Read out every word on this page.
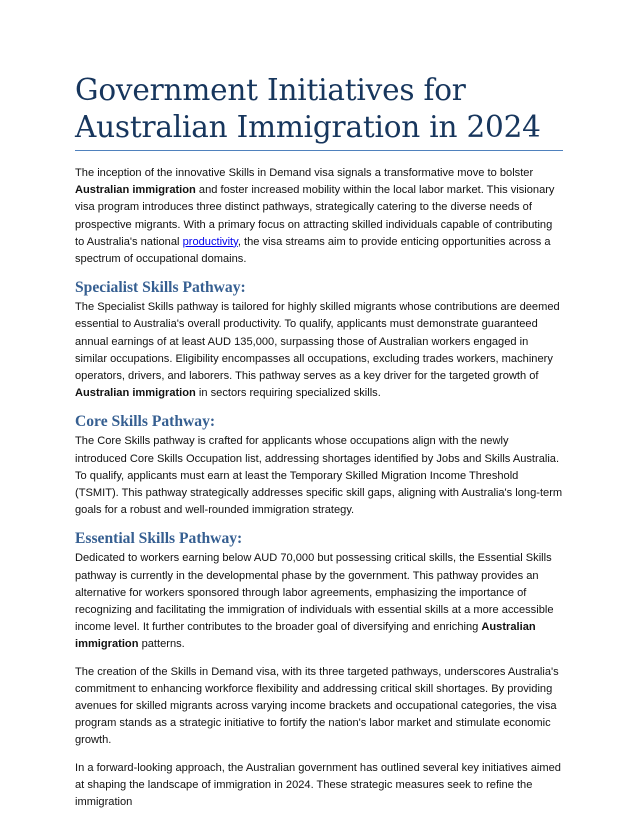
Government Initiatives for Australian Immigration in 2024

The inception of the innovative Skills in Demand visa signals a transformative move to bolster Australian immigration and foster increased mobility within the local labor market. This visionary visa program introduces three distinct pathways, strategically catering to the diverse needs of prospective migrants. With a primary focus on attracting skilled individuals capable of contributing to Australia's national productivity, the visa streams aim to provide enticing opportunities across a spectrum of occupational domains.

Specialist Skills Pathway:

The Specialist Skills pathway is tailored for highly skilled migrants whose contributions are deemed essential to Australia's overall productivity. To qualify, applicants must demonstrate guaranteed annual earnings of at least AUD 135,000, surpassing those of Australian workers engaged in similar occupations. Eligibility encompasses all occupations, excluding trades workers, machinery operators, drivers, and laborers. This pathway serves as a key driver for the targeted growth of Australian immigration in sectors requiring specialized skills.

Core Skills Pathway:

The Core Skills pathway is crafted for applicants whose occupations align with the newly introduced Core Skills Occupation list, addressing shortages identified by Jobs and Skills Australia. To qualify, applicants must earn at least the Temporary Skilled Migration Income Threshold (TSMIT). This pathway strategically addresses specific skill gaps, aligning with Australia's long-term goals for a robust and well-rounded immigration strategy.

Essential Skills Pathway:

Dedicated to workers earning below AUD 70,000 but possessing critical skills, the Essential Skills pathway is currently in the developmental phase by the government. This pathway provides an alternative for workers sponsored through labor agreements, emphasizing the importance of recognizing and facilitating the immigration of individuals with essential skills at a more accessible income level. It further contributes to the broader goal of diversifying and enriching Australian immigration patterns.

The creation of the Skills in Demand visa, with its three targeted pathways, underscores Australia's commitment to enhancing workforce flexibility and addressing critical skill shortages. By providing avenues for skilled migrants across varying income brackets and occupational categories, the visa program stands as a strategic initiative to fortify the nation's labor market and stimulate economic growth.

In a forward-looking approach, the Australian government has outlined several key initiatives aimed at shaping the landscape of immigration in 2024. These strategic measures seek to refine the immigration
